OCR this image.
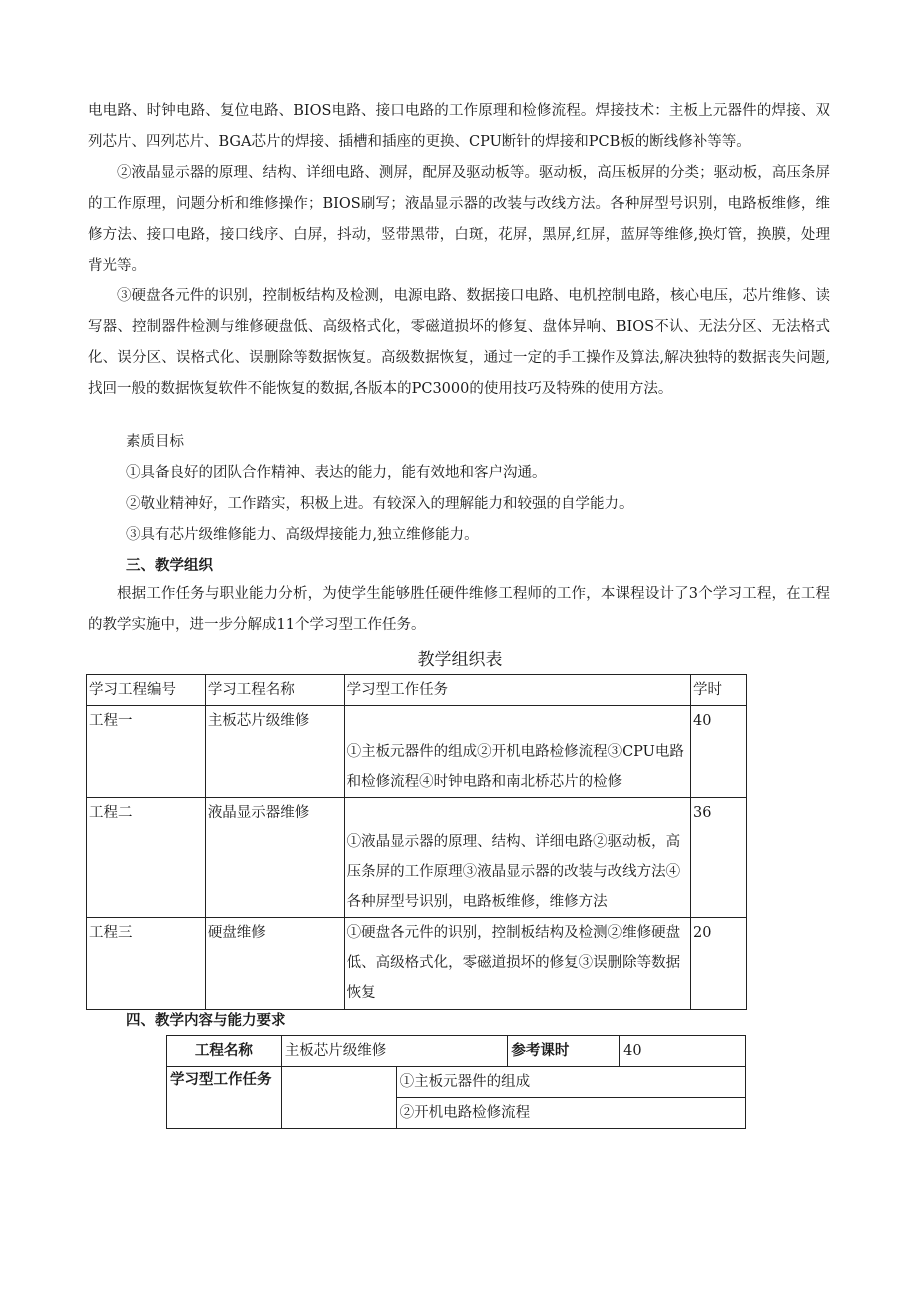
电电路、时钟电路、复位电路、BIOS电路、接口电路的工作原理和检修流程。焊接技术：主板上元器件的焊接、双列芯片、四列芯片、BGA芯片的焊接、插槽和插座的更换、CPU断针的焊接和PCB板的断线修补等等。

②液晶显示器的原理、结构、详细电路、测屏，配屏及驱动板等。驱动板，高压板屏的分类；驱动板，高压条屏的工作原理，问题分析和维修操作；BIOS刷写；液晶显示器的改装与改线方法。各种屏型号识别，电路板维修，维修方法、接口电路，接口线序、白屏，抖动，竖带黑带，白斑，花屏，黑屏,红屏，蓝屏等维修,换灯管，换膜，处理背光等。

③硬盘各元件的识别，控制板结构及检测，电源电路、数据接口电路、电机控制电路，核心电压，芯片维修、读写器、控制器件检测与维修硬盘低、高级格式化，零磁道损坏的修复、盘体异响、BIOS不认、无法分区、无法格式化、误分区、误格式化、误删除等数据恢复。高级数据恢复，通过一定的手工操作及算法,解决独特的数据丧失问题,找回一般的数据恢复软件不能恢复的数据,各版本的PC3000的使用技巧及特殊的使用方法。

素质目标

①具备良好的团队合作精神、表达的能力，能有效地和客户沟通。

②敬业精神好，工作踏实，积极上进。有较深入的理解能力和较强的自学能力。

③具有芯片级维修能力、高级焊接能力,独立维修能力。

三、教学组织

根据工作任务与职业能力分析，为使学生能够胜任硬件维修工程师的工作，本课程设计了3个学习工程，在工程的教学实施中，进一步分解成11个学习型工作任务。

教学组织表

学习工程编号	学习工程名称	学习型工作任务	学时
工程一	主板芯片级维修	①主板元器件的组成②开机电路检修流程③CPU电路和检修流程④时钟电路和南北桥芯片的检修	40
工程二	液晶显示器维修	①液晶显示器的原理、结构、详细电路②驱动板，高压条屏的工作原理③液晶显示器的改装与改线方法④各种屏型号识别，电路板维修，维修方法	36
工程三	硬盘维修	①硬盘各元件的识别，控制板结构及检测②维修硬盘低、高级格式化，零磁道损坏的修复③误删除等数据恢复	20

四、教学内容与能力要求

工程名称	主板芯片级维修		参考课时	40
学习型工作任务		①主板元器件的组成		
		②开机电路检修流程		
